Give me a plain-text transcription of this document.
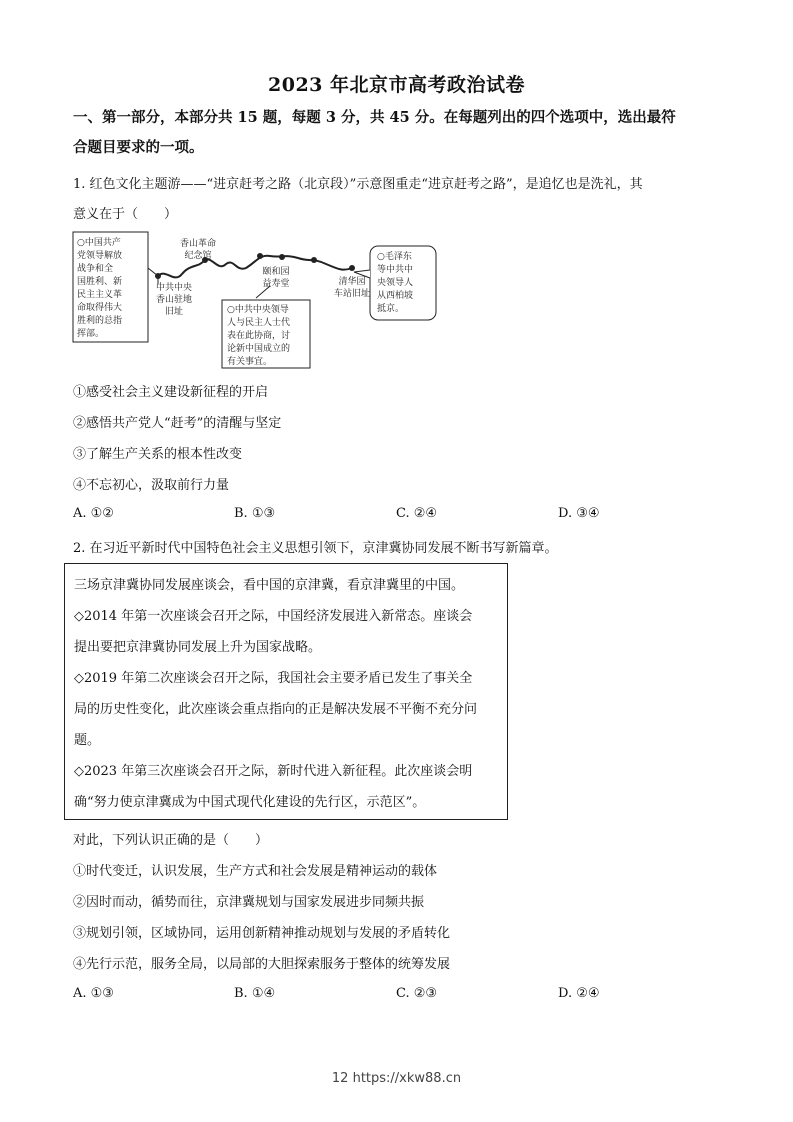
2023 年北京市高考政治试卷
一、第一部分，本部分共 15 题，每题 3 分，共 45 分。在每题列出的四个选项中，选出最符
合题目要求的一项。
1. 红色文化主题游——“进京赶考之路（北京段）”示意图重走“进京赶考之路”，是追忆也是洗礼，其
意义在于（　　）
○中国共产
党领导解放
战争和全
国胜利、新
民主主义革
命取得伟大
胜利的总指
挥部。
中共中央
香山驻地
旧址
香山革命
纪念馆
颐和园
益寿堂	清华园
车站旧址
○中共中央领导
人与民主人士代
表在此协商，讨
论新中国成立的
有关事宜。
○毛泽东
等中共中
央领导人
从西柏坡
抵京。
①感受社会主义建设新征程的开启
②感悟共产党人“赶考”的清醒与坚定
③了解生产关系的根本性改变
④不忘初心，汲取前行力量
A. ①②	B. ①③	C. ②④	D. ③④
2. 在习近平新时代中国特色社会主义思想引领下，京津冀协同发展不断书写新篇章。
三场京津冀协同发展座谈会，看中国的京津冀，看京津冀里的中国。
◇2014 年第一次座谈会召开之际，中国经济发展进入新常态。座谈会
提出要把京津冀协同发展上升为国家战略。
◇2019 年第二次座谈会召开之际，我国社会主要矛盾已发生了事关全
局的历史性变化，此次座谈会重点指向的正是解决发展不平衡不充分问
题。
◇2023 年第三次座谈会召开之际，新时代进入新征程。此次座谈会明
确“努力使京津冀成为中国式现代化建设的先行区，示范区”。
对此，下列认识正确的是（　　）
①时代变迁，认识发展，生产方式和社会发展是精神运动的载体
②因时而动，循势而往，京津冀规划与国家发展进步同频共振
③规划引领，区域协同，运用创新精神推动规划与发展的矛盾转化
④先行示范，服务全局，以局部的大胆探索服务于整体的统筹发展
A. ①③	B. ①④	C. ②③	D. ②④
12 https://xkw88.cn
